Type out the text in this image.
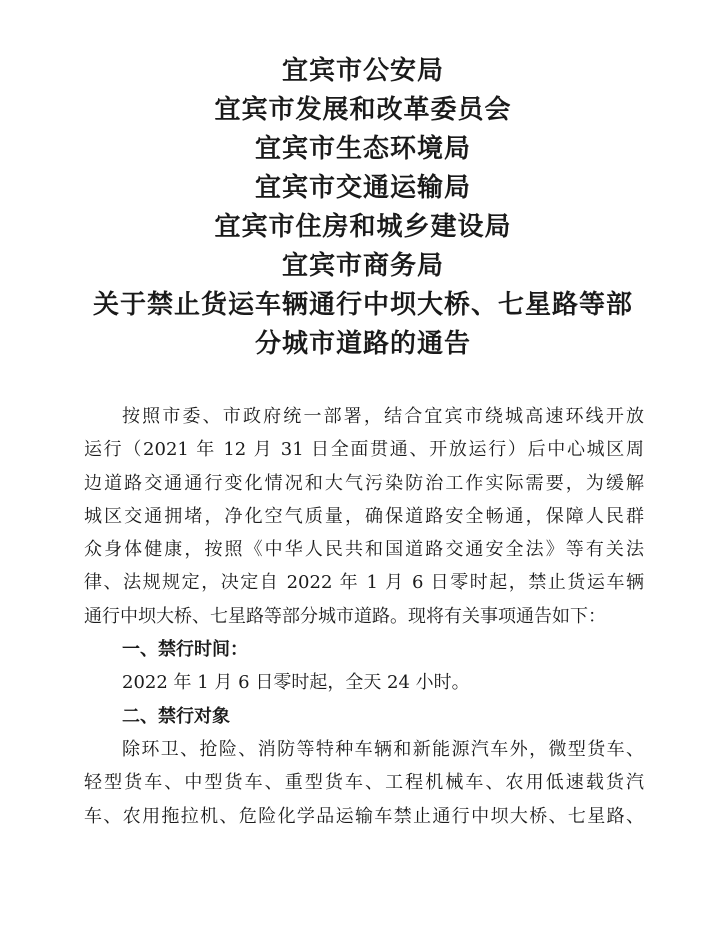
宜宾市公安局
宜宾市发展和改革委员会
宜宾市生态环境局
宜宾市交通运输局
宜宾市住房和城乡建设局
宜宾市商务局
关于禁止货运车辆通行中坝大桥、七星路等部
分城市道路的通告
按照市委、市政府统一部署，结合宜宾市绕城高速环线开放
运行（2021 年 12 月 31 日全面贯通、开放运行）后中心城区周
边道路交通通行变化情况和大气污染防治工作实际需要，为缓解
城区交通拥堵，净化空气质量，确保道路安全畅通，保障人民群
众身体健康，按照《中华人民共和国道路交通安全法》等有关法
律、法规规定，决定自 2022 年 1 月 6 日零时起，禁止货运车辆
通行中坝大桥、七星路等部分城市道路。现将有关事项通告如下：
一、禁行时间：
2022 年 1 月 6 日零时起，全天 24 小时。
二、禁行对象
除环卫、抢险、消防等特种车辆和新能源汽车外，微型货车、
轻型货车、中型货车、重型货车、工程机械车、农用低速载货汽
车、农用拖拉机、危险化学品运输车禁止通行中坝大桥、七星路、
